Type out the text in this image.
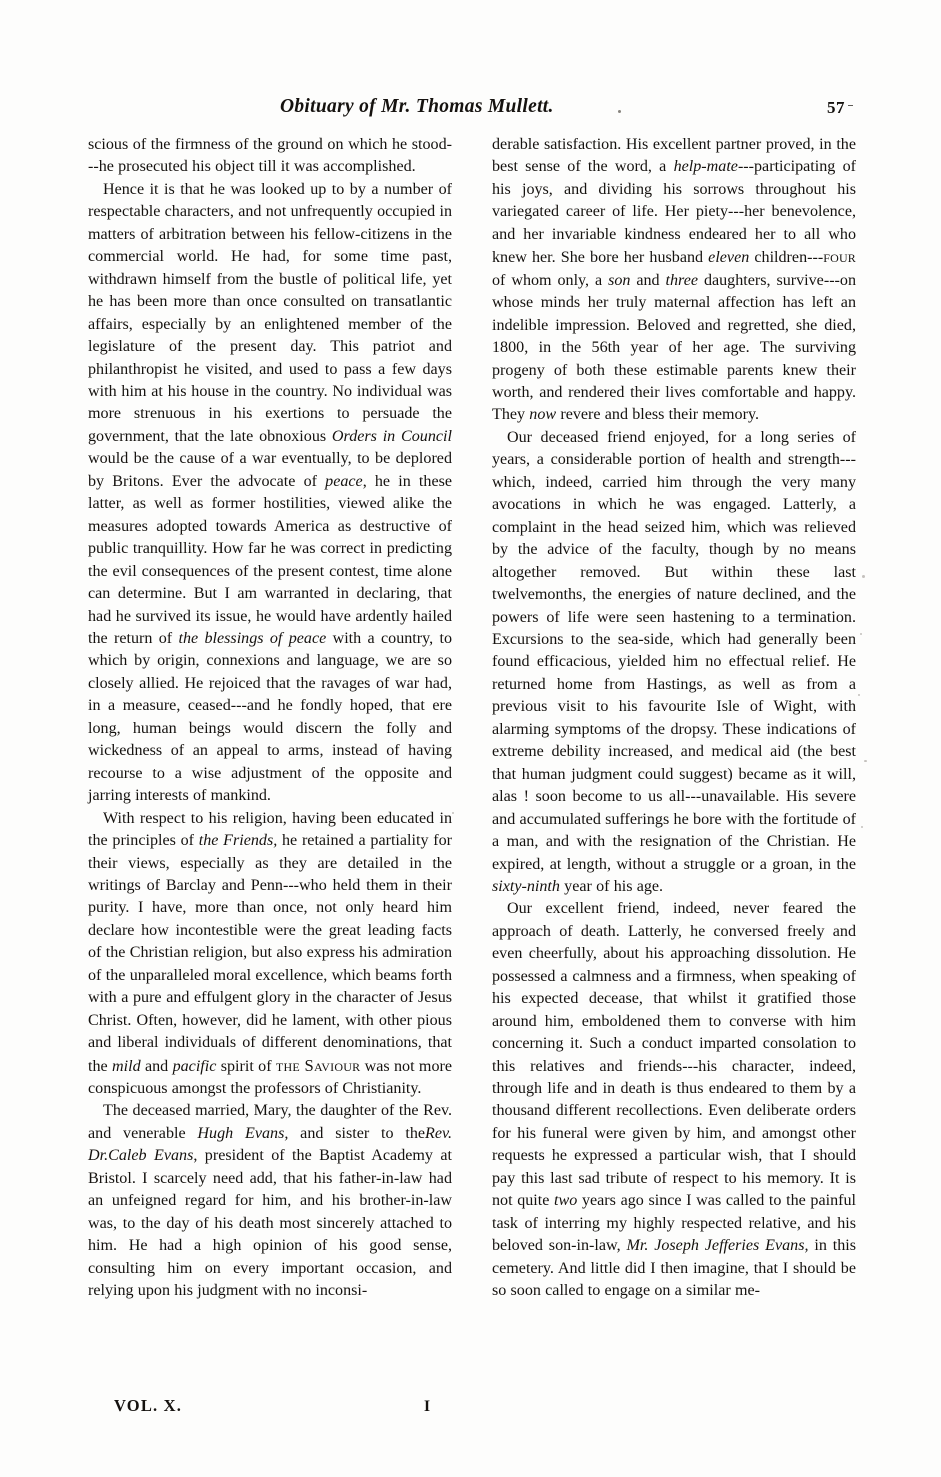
Obituary of Mr. Thomas Mullett.	57

scious of the firmness of the ground on which he stood---he prosecuted his object till it was accomplished.

Hence it is that he was looked up to by a number of respectable characters, and not unfrequently occupied in matters of arbitration between his fellow-citizens in the commercial world. He had, for some time past, withdrawn himself from the bustle of political life, yet he has been more than once consulted on transatlantic affairs, especially by an enlightened member of the legislature of the present day. This patriot and philanthropist he visited, and used to pass a few days with him at his house in the country. No individual was more strenuous in his exertions to persuade the government, that the late obnoxious Orders in Council would be the cause of a war eventually, to be deplored by Britons. Ever the advocate of peace, he in these latter, as well as former hostilities, viewed alike the measures adopted towards America as destructive of public tranquillity. How far he was correct in predicting the evil consequences of the present contest, time alone can determine. But I am warranted in declaring, that had he survived its issue, he would have ardently hailed the return of the blessings of peace with a country, to which by origin, connexions and language, we are so closely allied. He rejoiced that the ravages of war had, in a measure, ceased---and he fondly hoped, that ere long, human beings would discern the folly and wickedness of an appeal to arms, instead of having recourse to a wise adjustment of the opposite and jarring interests of mankind.

With respect to his religion, having been educated in the principles of the Friends, he retained a partiality for their views, especially as they are detailed in the writings of Barclay and Penn---who held them in their purity. I have, more than once, not only heard him declare how incontestible were the great leading facts of the Christian religion, but also express his admiration of the unparalleled moral excellence, which beams forth with a pure and effulgent glory in the character of Jesus Christ. Often, however, did he lament, with other pious and liberal individuals of different denominations, that the mild and pacific spirit of the Saviour was not more conspicuous amongst the professors of Christianity.

The deceased married, Mary, the daughter of the Rev. and venerable Hugh Evans, and sister to theRev. Dr.Caleb Evans, president of the Baptist Academy at Bristol. I scarcely need add, that his father-in-law had an unfeigned regard for him, and his brother-in-law was, to the day of his death most sincerely attached to him. He had a high opinion of his good sense, consulting him on every important occasion, and relying upon his judgment with no inconsi-

derable satisfaction. His excellent partner proved, in the best sense of the word, a help-mate---participating of his joys, and dividing his sorrows throughout his variegated career of life. Her piety---her benevolence, and her invariable kindness endeared her to all who knew her. She bore her husband eleven children---four of whom only, a son and three daughters, survive---on whose minds her truly maternal affection has left an indelible impression. Beloved and regretted, she died, 1800, in the 56th year of her age. The surviving progeny of both these estimable parents knew their worth, and rendered their lives comfortable and happy. They now revere and bless their memory.

Our deceased friend enjoyed, for a long series of years, a considerable portion of health and strength---which, indeed, carried him through the very many avocations in which he was engaged. Latterly, a complaint in the head seized him, which was relieved by the advice of the faculty, though by no means altogether removed. But within these last twelvemonths, the energies of nature declined, and the powers of life were seen hastening to a termination. Excursions to the sea-side, which had generally been found efficacious, yielded him no effectual relief. He returned home from Hastings, as well as from a previous visit to his favourite Isle of Wight, with alarming symptoms of the dropsy. These indications of extreme debility increased, and medical aid (the best that human judgment could suggest) became as it will, alas ! soon become to us all---unavailable. His severe and accumulated sufferings he bore with the fortitude of a man, and with the resignation of the Christian. He expired, at length, without a struggle or a groan, in the sixty-ninth year of his age.

Our excellent friend, indeed, never feared the approach of death. Latterly, he conversed freely and even cheerfully, about his approaching dissolution. He possessed a calmness and a firmness, when speaking of his expected decease, that whilst it gratified those around him, emboldened them to converse with him concerning it. Such a conduct imparted consolation to this relatives and friends---his character, indeed, through life and in death is thus endeared to them by a thousand different recollections. Even deliberate orders for his funeral were given by him, and amongst other requests he expressed a particular wish, that I should pay this last sad tribute of respect to his memory. It is not quite two years ago since I was called to the painful task of interring my highly respected relative, and his beloved son-in-law, Mr. Joseph Jefferies Evans, in this cemetery. And little did I then imagine, that I should be so soon called to engage on a similar me-

VOL. X.	I
